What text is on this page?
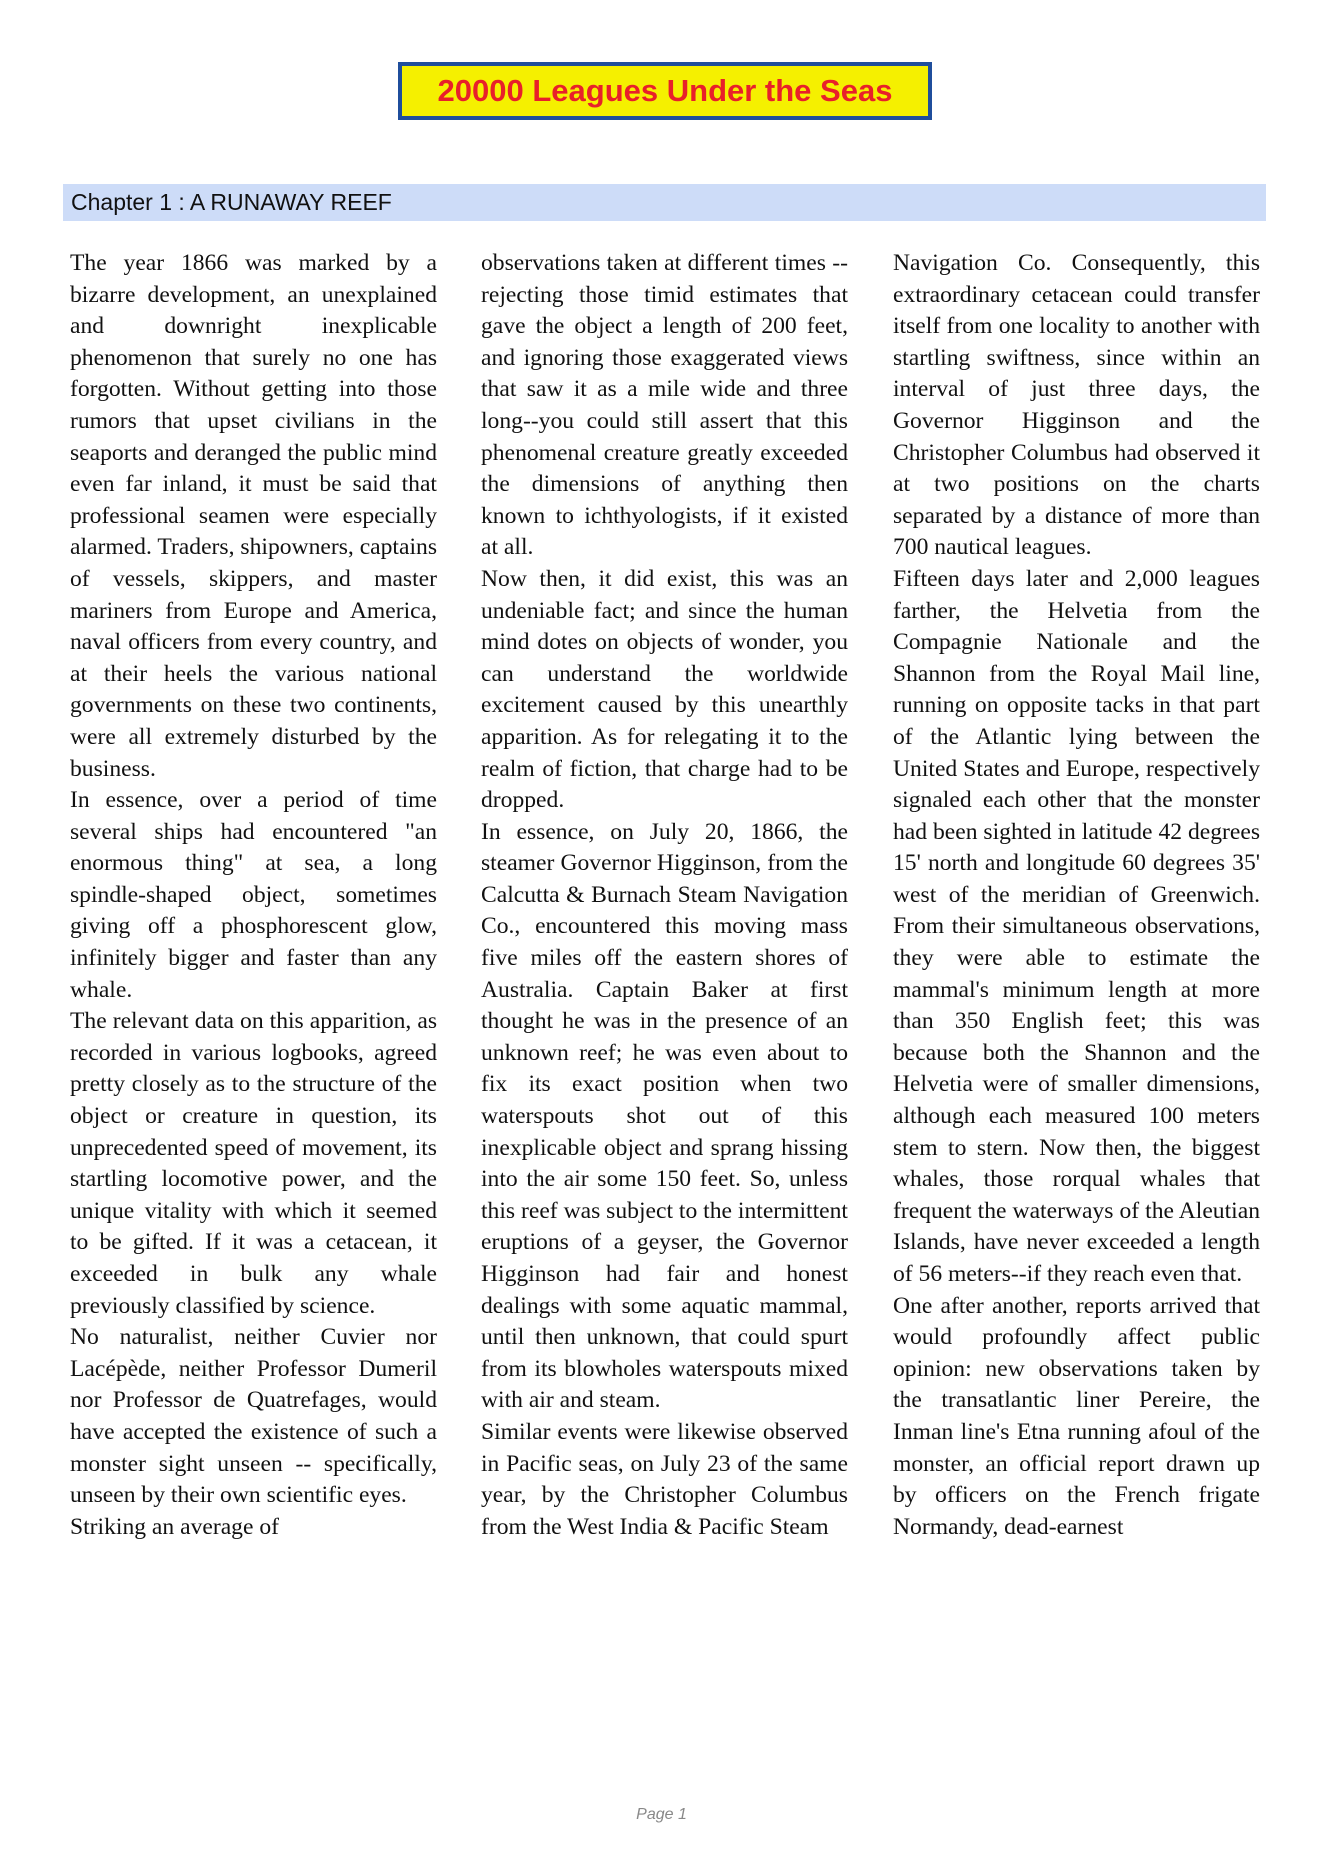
20000 Leagues Under the Seas
Chapter 1 : A RUNAWAY REEF

The year 1866 was marked by a bizarre development, an unexplained and downright inexplicable phenomenon that surely no one has forgotten. Without getting into those rumors that upset civilians in the seaports and deranged the public mind even far inland, it must be said that professional seamen were especially alarmed. Traders, shipowners, captains of vessels, skippers, and master mariners from Europe and America, naval officers from every country, and at their heels the various national governments on these two continents, were all extremely disturbed by the business.

In essence, over a period of time several ships had encountered "an enormous thing" at sea, a long spindle-shaped object, sometimes giving off a phosphorescent glow, infinitely bigger and faster than any whale.

The relevant data on this apparition, as recorded in various logbooks, agreed pretty closely as to the structure of the object or creature in question, its unprecedented speed of movement, its startling locomotive power, and the unique vitality with which it seemed to be gifted. If it was a cetacean, it exceeded in bulk any whale previously classified by science.

No naturalist, neither Cuvier nor Lacépède, neither Professor Dumeril nor Professor de Quatrefages, would have accepted the existence of such a monster sight unseen -- specifically, unseen by their own scientific eyes.

Striking an average of

observations taken at different times -- rejecting those timid estimates that gave the object a length of 200 feet, and ignoring those exaggerated views that saw it as a mile wide and three long--you could still assert that this phenomenal creature greatly exceeded the dimensions of anything then known to ichthyologists, if it existed at all.

Now then, it did exist, this was an undeniable fact; and since the human mind dotes on objects of wonder, you can understand the worldwide excitement caused by this unearthly apparition. As for relegating it to the realm of fiction, that charge had to be dropped.

In essence, on July 20, 1866, the steamer Governor Higginson, from the Calcutta & Burnach Steam Navigation Co., encountered this moving mass five miles off the eastern shores of Australia. Captain Baker at first thought he was in the presence of an unknown reef; he was even about to fix its exact position when two waterspouts shot out of this inexplicable object and sprang hissing into the air some 150 feet. So, unless this reef was subject to the intermittent eruptions of a geyser, the Governor Higginson had fair and honest dealings with some aquatic mammal, until then unknown, that could spurt from its blowholes waterspouts mixed with air and steam.

Similar events were likewise observed in Pacific seas, on July 23 of the same year, by the Christopher Columbus from the West India & Pacific Steam

Navigation Co. Consequently, this extraordinary cetacean could transfer itself from one locality to another with startling swiftness, since within an interval of just three days, the Governor Higginson and the Christopher Columbus had observed it at two positions on the charts separated by a distance of more than 700 nautical leagues.

Fifteen days later and 2,000 leagues farther, the Helvetia from the Compagnie Nationale and the Shannon from the Royal Mail line, running on opposite tacks in that part of the Atlantic lying between the United States and Europe, respectively signaled each other that the monster had been sighted in latitude 42 degrees 15' north and longitude 60 degrees 35' west of the meridian of Greenwich. From their simultaneous observations, they were able to estimate the mammal's minimum length at more than 350 English feet; this was because both the Shannon and the Helvetia were of smaller dimensions, although each measured 100 meters stem to stern. Now then, the biggest whales, those rorqual whales that frequent the waterways of the Aleutian Islands, have never exceeded a length of 56 meters--if they reach even that.

One after another, reports arrived that would profoundly affect public opinion: new observations taken by the transatlantic liner Pereire, the Inman line's Etna running afoul of the monster, an official report drawn up by officers on the French frigate Normandy, dead-earnest

Page 1
